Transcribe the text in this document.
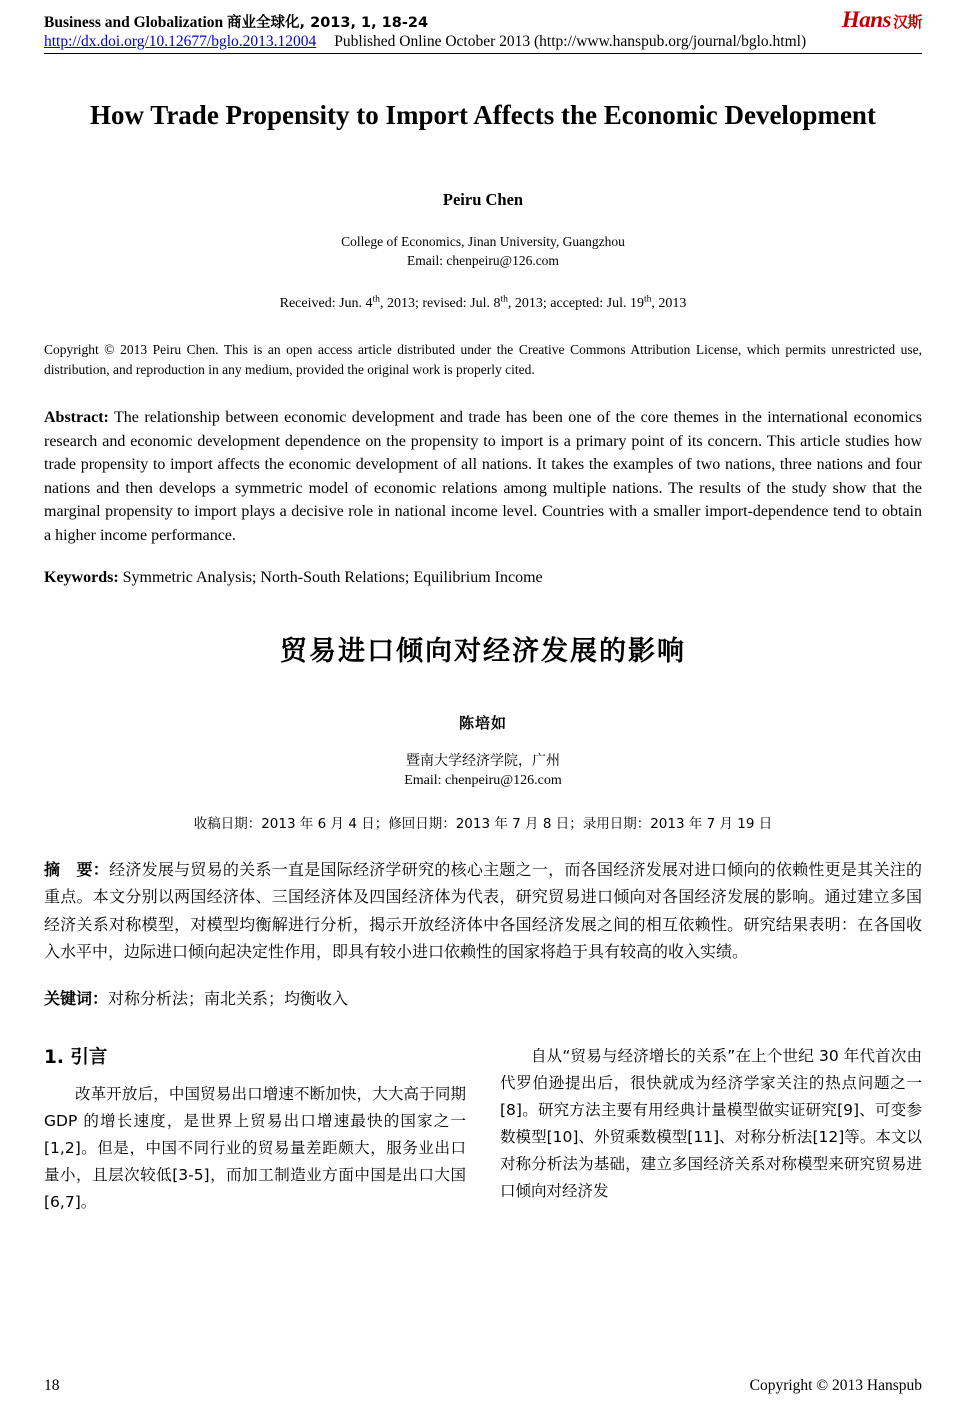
Business and Globalization 商业全球化, 2013, 1, 18-24	Hans 汉斯
http://dx.doi.org/10.12677/bglo.2013.12004 Published Online October 2013 (http://www.hanspub.org/journal/bglo.html)
How Trade Propensity to Import Affects the Economic Development
Peiru Chen
College of Economics, Jinan University, Guangzhou
Email: chenpeiru@126.com
Received: Jun. 4th, 2013; revised: Jul. 8th, 2013; accepted: Jul. 19th, 2013
Copyright © 2013 Peiru Chen. This is an open access article distributed under the Creative Commons Attribution License, which permits unrestricted use, distribution, and reproduction in any medium, provided the original work is properly cited.
Abstract: The relationship between economic development and trade has been one of the core themes in the international economics research and economic development dependence on the propensity to import is a primary point of its concern. This article studies how trade propensity to import affects the economic development of all nations. It takes the examples of two nations, three nations and four nations and then develops a symmetric model of economic relations among multiple nations. The results of the study show that the marginal propensity to import plays a decisive role in national income level. Countries with a smaller import-dependence tend to obtain a higher income performance.
Keywords: Symmetric Analysis; North-South Relations; Equilibrium Income
贸易进口倾向对经济发展的影响
陈培如
暨南大学经济学院，广州
Email: chenpeiru@126.com
收稿日期：2013 年 6 月 4 日；修回日期：2013 年 7 月 8 日；录用日期：2013 年 7 月 19 日
摘　要：经济发展与贸易的关系一直是国际经济学研究的核心主题之一，而各国经济发展对进口倾向的依赖性更是其关注的重点。本文分别以两国经济体、三国经济体及四国经济体为代表，研究贸易进口倾向对各国经济发展的影响。通过建立多国经济关系对称模型，对模型均衡解进行分析，揭示开放经济体中各国经济发展之间的相互依赖性。研究结果表明：在各国收入水平中，边际进口倾向起决定性作用，即具有较小进口依赖性的国家将趋于具有较高的收入实绩。
关键词：对称分析法；南北关系；均衡收入
1. 引言
改革开放后，中国贸易出口增速不断加快，大大高于同期 GDP 的增长速度，是世界上贸易出口增速最快的国家之一[1,2]。但是，中国不同行业的贸易量差距颇大，服务业出口量小，且层次较低[3-5]，而加工制造业方面中国是出口大国[6,7]。
自从“贸易与经济增长的关系”在上个世纪 30 年代首次由代罗伯逊提出后，很快就成为经济学家关注的热点问题之一[8]。研究方法主要有用经典计量模型做实证研究[9]、可变参数模型[10]、外贸乘数模型[11]、对称分析法[12]等。本文以对称分析法为基础，建立多国经济关系对称模型来研究贸易进口倾向对经济发
18	Copyright © 2013 Hanspub
